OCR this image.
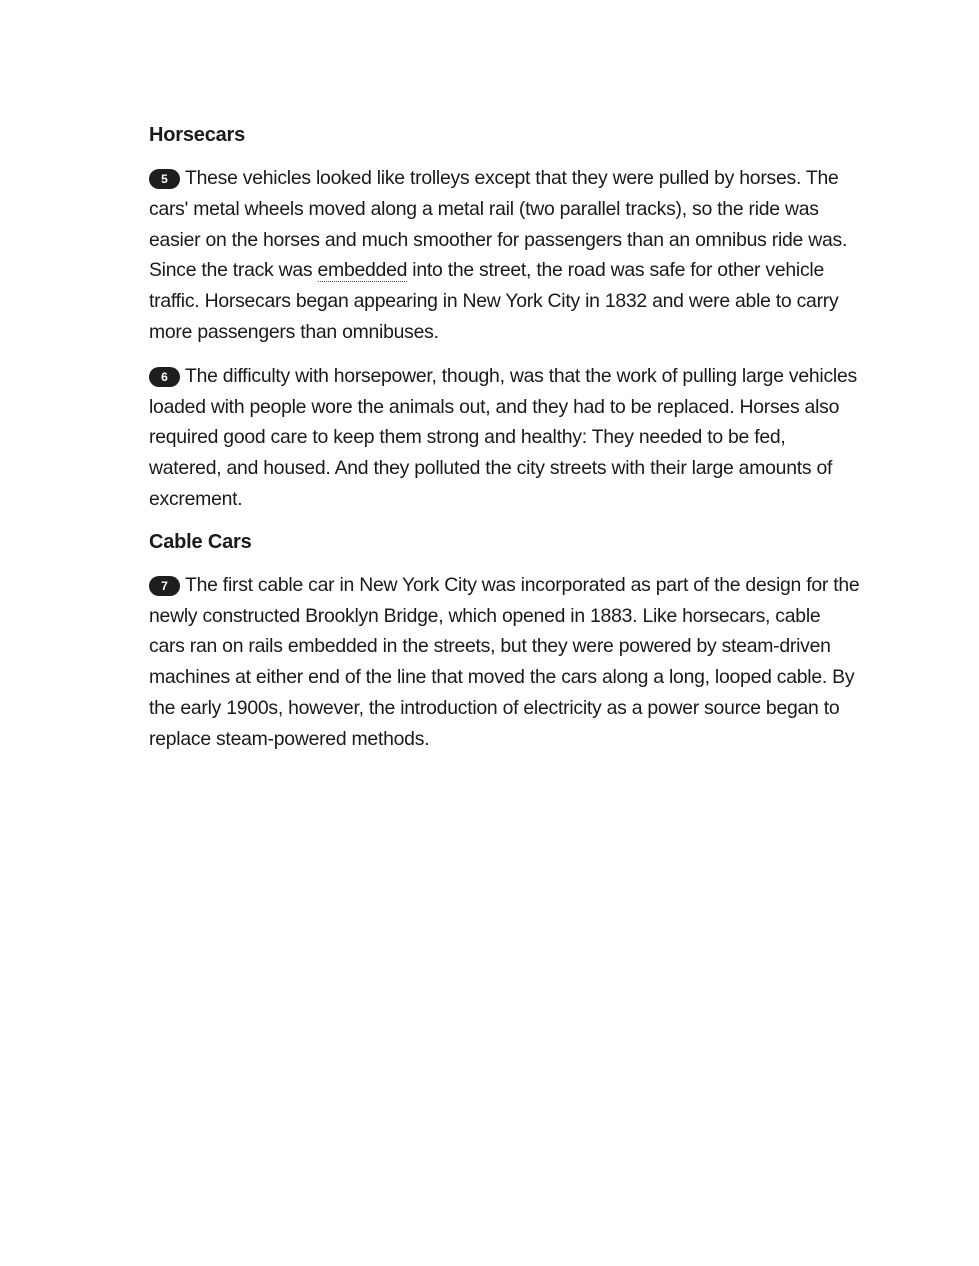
Horsecars

5 These vehicles looked like trolleys except that they were pulled by horses. The cars' metal wheels moved along a metal rail (two parallel tracks), so the ride was easier on the horses and much smoother for passengers than an omnibus ride was. Since the track was embedded into the street, the road was safe for other vehicle traffic. Horsecars began appearing in New York City in 1832 and were able to carry more passengers than omnibuses.

6 The difficulty with horsepower, though, was that the work of pulling large vehicles loaded with people wore the animals out, and they had to be replaced. Horses also required good care to keep them strong and healthy: They needed to be fed, watered, and housed. And they polluted the city streets with their large amounts of excrement.

Cable Cars

7 The first cable car in New York City was incorporated as part of the design for the newly constructed Brooklyn Bridge, which opened in 1883. Like horsecars, cable cars ran on rails embedded in the streets, but they were powered by steam-driven machines at either end of the line that moved the cars along a long, looped cable. By the early 1900s, however, the introduction of electricity as a power source began to replace steam-powered methods.
